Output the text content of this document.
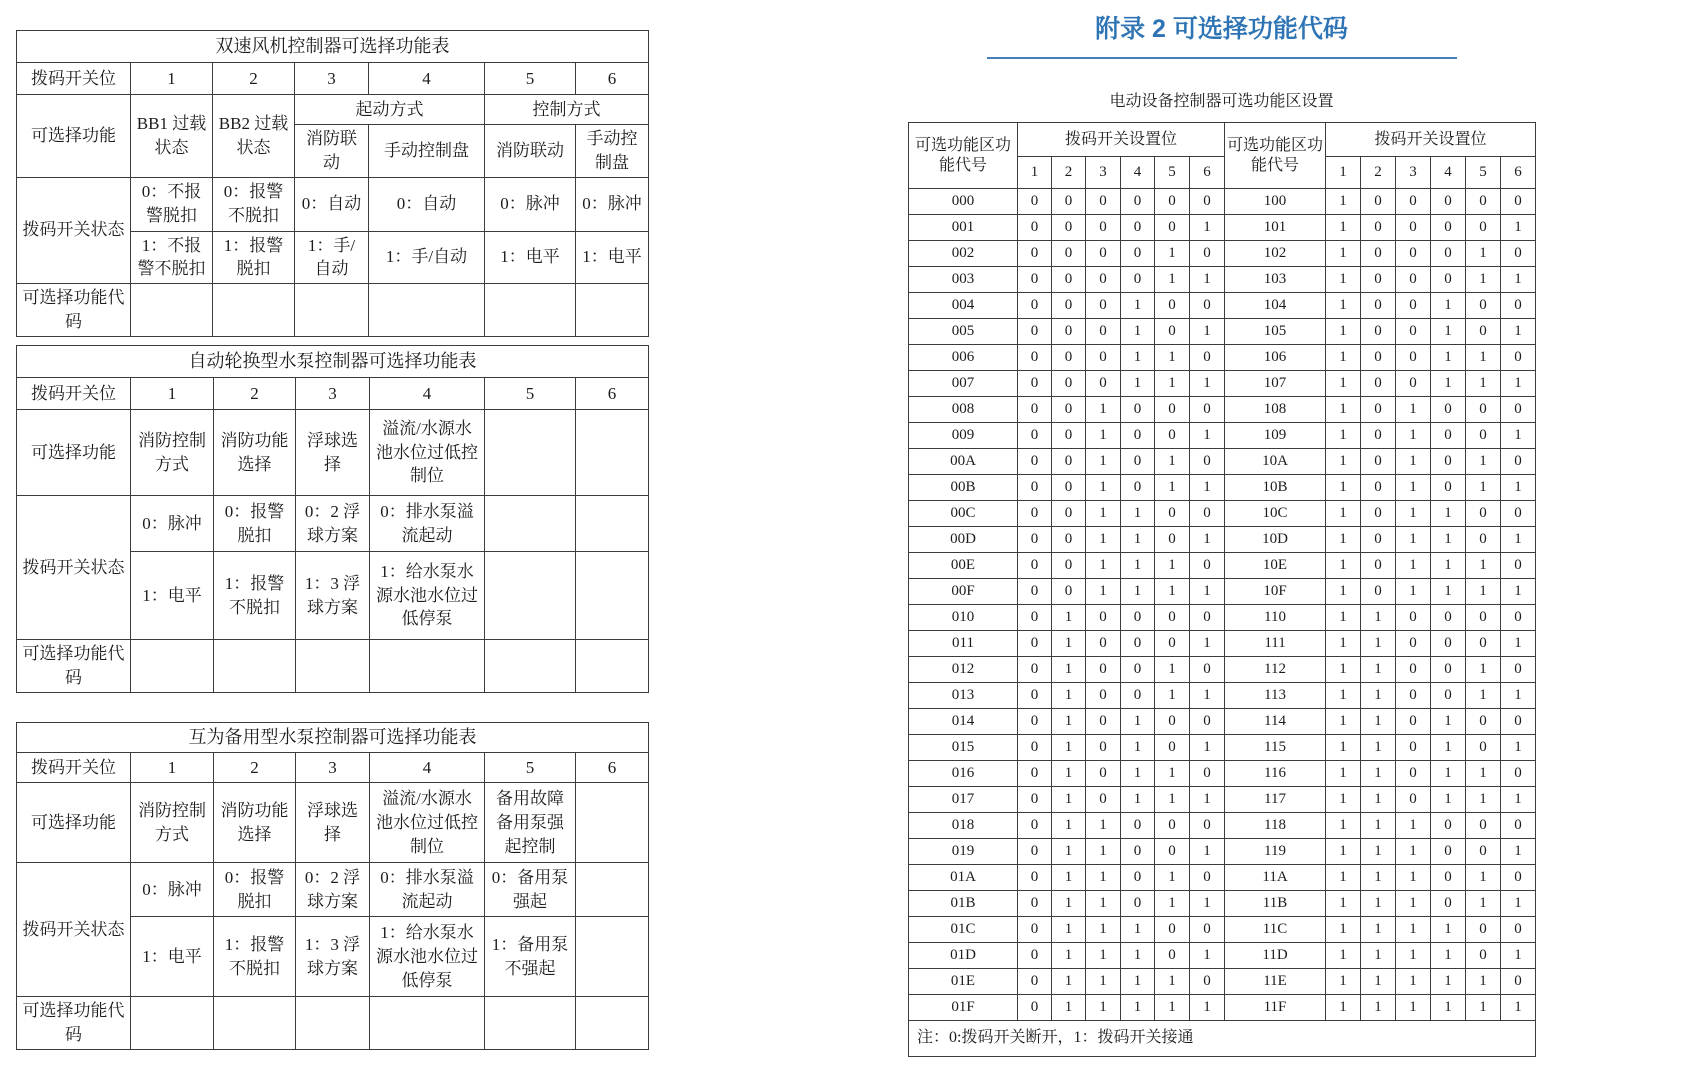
双速风机控制器可选择功能表						
拨码开关位	1	2	3	4	5	6
可选择功能	BB1 过载状态	BB2 过载状态	起动方式		控制方式	
			消防联动	手动控制盘	消防联动	手动控制盘
拨码开关状态	0：不报警脱扣	0：报警不脱扣	0：自动	0：自动	0：脉冲	0：脉冲
	1：不报警不脱扣	1：报警脱扣	1：手/自动	1：手/自动	1：电平	1：电平
可选择功能代码						
自动轮换型水泵控制器可选择功能表						
拨码开关位	1	2	3	4	5	6
可选择功能	消防控制方式	消防功能选择	浮球选择	溢流/水源水池水位过低控制位		
拨码开关状态	0：脉冲	0：报警脱扣	0：2 浮球方案	0：排水泵溢流起动		
	1：电平	1：报警不脱扣	1：3 浮球方案	1：给水泵水源水池水位过低停泵		
可选择功能代码						
互为备用型水泵控制器可选择功能表						
拨码开关位	1	2	3	4	5	6
可选择功能	消防控制方式	消防功能选择	浮球选择	溢流/水源水池水位过低控制位	备用故障备用泵强起控制	
拨码开关状态	0：脉冲	0：报警脱扣	0：2 浮球方案	0：排水泵溢流起动	0：备用泵强起	
	1：电平	1：报警不脱扣	1：3 浮球方案	1：给水泵水源水池水位过低停泵	1：备用泵不强起	
可选择功能代码						
附录 2 可选择功能代码
电动设备控制器可选功能区设置
可选功能区功能代号	拨码开关设置位						可选功能区功能代号	拨码开关设置位					
	1	2	3	4	5	6		1	2	3	4	5	6
000	0	0	0	0	0	0	100	1	0	0	0	0	0
001	0	0	0	0	0	1	101	1	0	0	0	0	1
002	0	0	0	0	1	0	102	1	0	0	0	1	0
003	0	0	0	0	1	1	103	1	0	0	0	1	1
004	0	0	0	1	0	0	104	1	0	0	1	0	0
005	0	0	0	1	0	1	105	1	0	0	1	0	1
006	0	0	0	1	1	0	106	1	0	0	1	1	0
007	0	0	0	1	1	1	107	1	0	0	1	1	1
008	0	0	1	0	0	0	108	1	0	1	0	0	0
009	0	0	1	0	0	1	109	1	0	1	0	0	1
00A	0	0	1	0	1	0	10A	1	0	1	0	1	0
00B	0	0	1	0	1	1	10B	1	0	1	0	1	1
00C	0	0	1	1	0	0	10C	1	0	1	1	0	0
00D	0	0	1	1	0	1	10D	1	0	1	1	0	1
00E	0	0	1	1	1	0	10E	1	0	1	1	1	0
00F	0	0	1	1	1	1	10F	1	0	1	1	1	1
010	0	1	0	0	0	0	110	1	1	0	0	0	0
011	0	1	0	0	0	1	111	1	1	0	0	0	1
012	0	1	0	0	1	0	112	1	1	0	0	1	0
013	0	1	0	0	1	1	113	1	1	0	0	1	1
014	0	1	0	1	0	0	114	1	1	0	1	0	0
015	0	1	0	1	0	1	115	1	1	0	1	0	1
016	0	1	0	1	1	0	116	1	1	0	1	1	0
017	0	1	0	1	1	1	117	1	1	0	1	1	1
018	0	1	1	0	0	0	118	1	1	1	0	0	0
019	0	1	1	0	0	1	119	1	1	1	0	0	1
01A	0	1	1	0	1	0	11A	1	1	1	0	1	0
01B	0	1	1	0	1	1	11B	1	1	1	0	1	1
01C	0	1	1	1	0	0	11C	1	1	1	1	0	0
01D	0	1	1	1	0	1	11D	1	1	1	1	0	1
01E	0	1	1	1	1	0	11E	1	1	1	1	1	0
01F	0	1	1	1	1	1	11F	1	1	1	1	1	1
注：0:拨码开关断开，1：拨码开关接通													
